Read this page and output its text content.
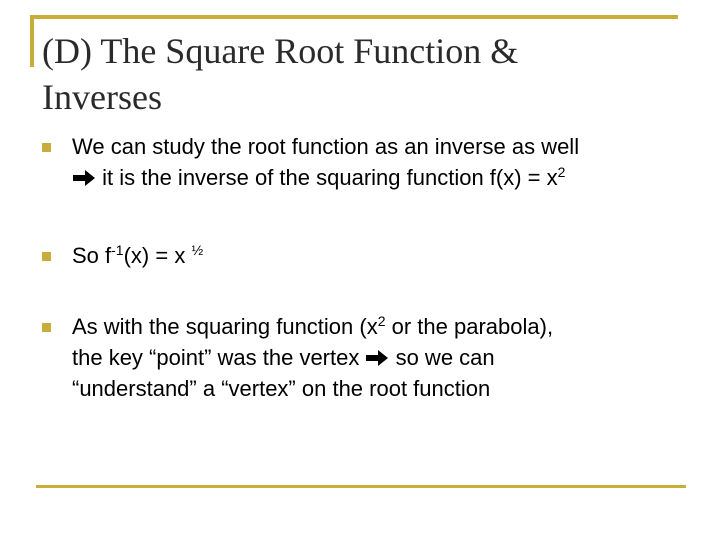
(D) The Square Root Function &
Inverses
We can study the root function as an inverse as well
it is the inverse of the squaring function $f(x) = x^2$
So $f^{-1}(x) = x$ $^{\frac{1}{2}}$
As with the squaring function ($x^2$ or the parabola),
the key “point” was the vertex  so we can
“understand” a “vertex” on the root function
